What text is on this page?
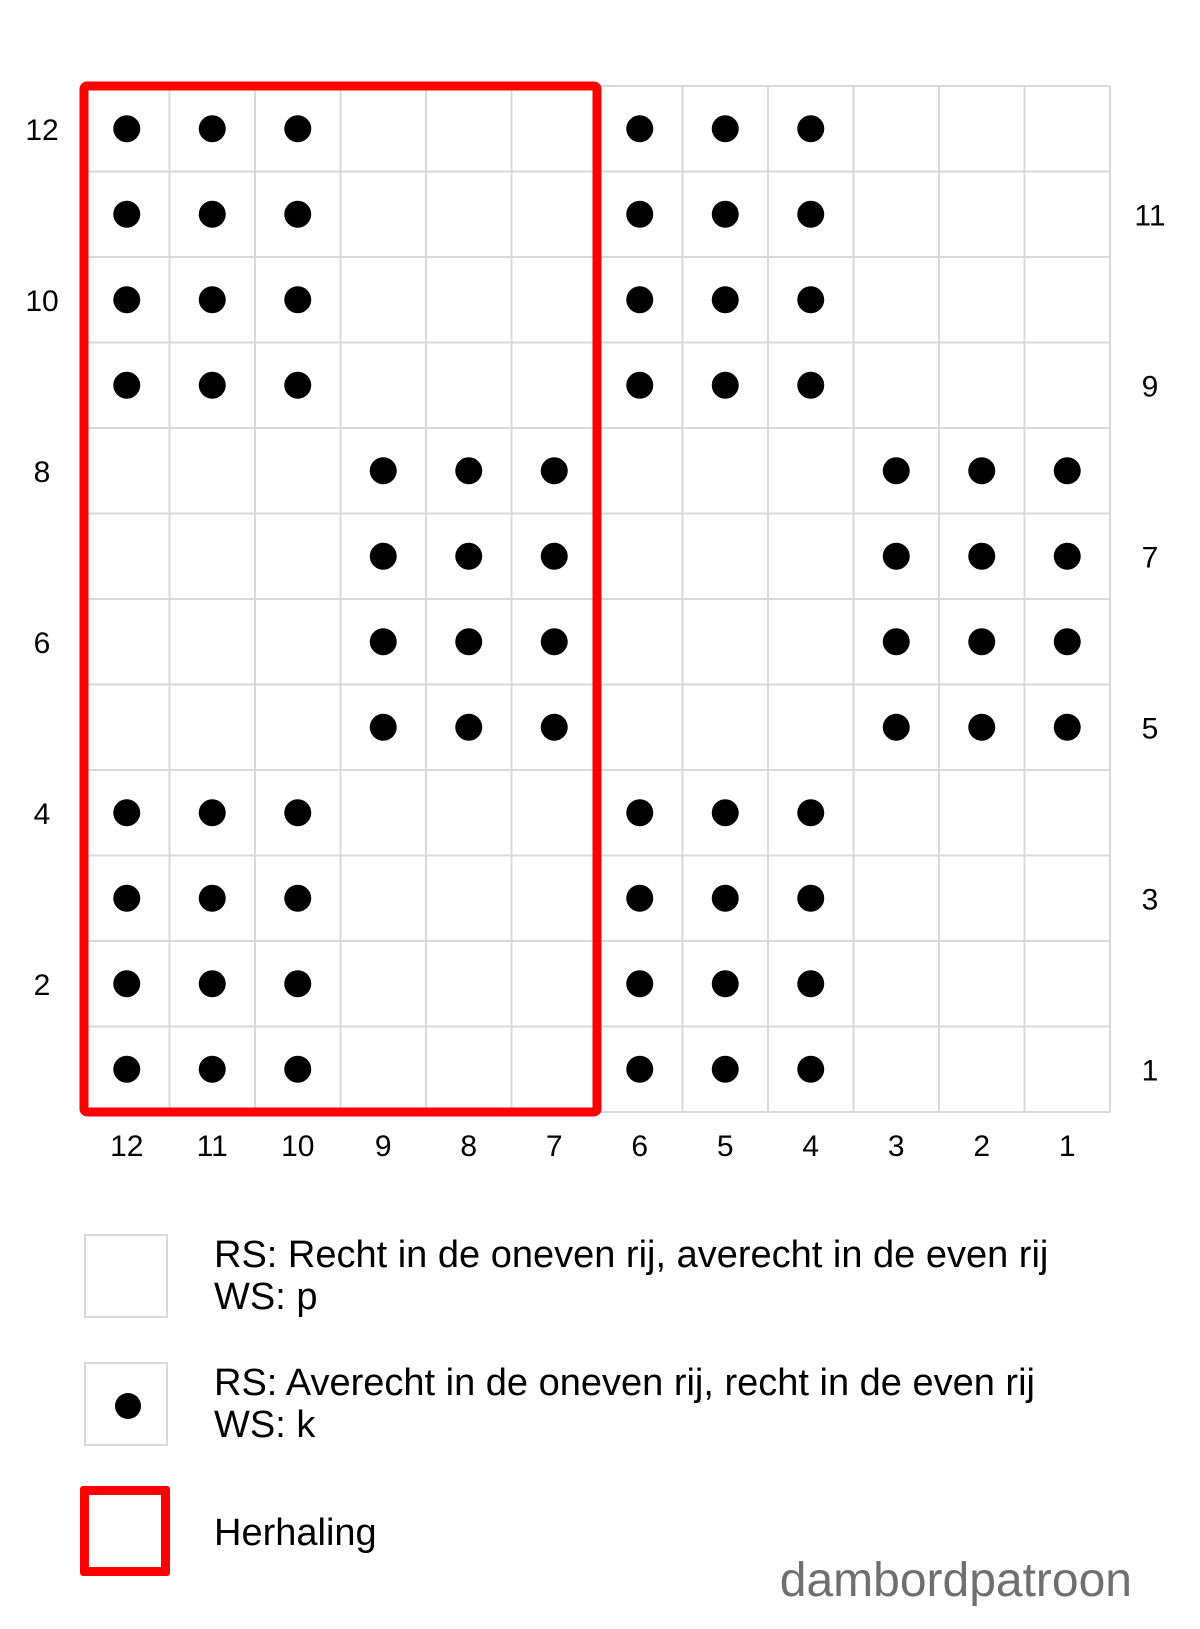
12 11 10 9 8 7 6 5 4 3 2 1
12
10
8
6
4
2
11
9
7
5
3
1
RS: Recht in de oneven rij, averecht in de even rij
WS: p
RS: Averecht in de oneven rij, recht in de even rij
WS: k
Herhaling
dambordpatroon
